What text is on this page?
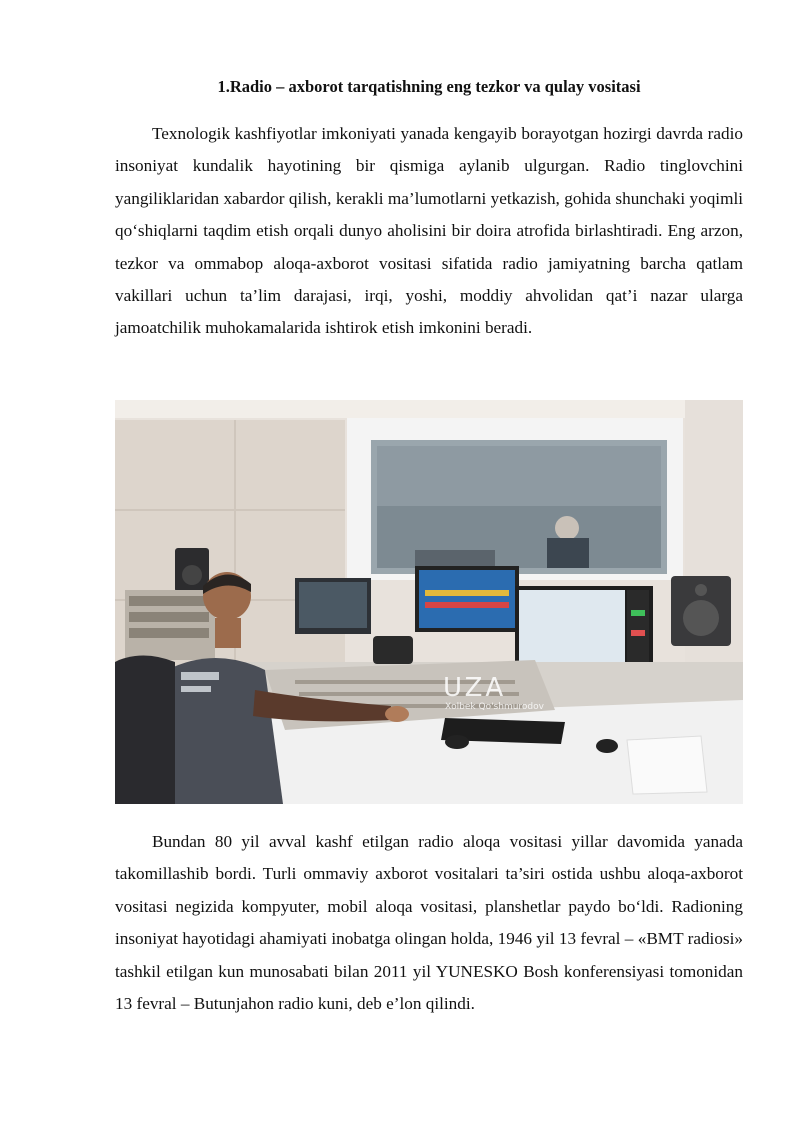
1.Radio – axborot tarqatishning eng tezkor va qulay vositasi

Texnologik kashfiyotlar imkoniyati yanada kengayib borayotgan hozirgi davrda radio insoniyat kundalik hayotining bir qismiga aylanib ulgurgan. Radio tinglovchini yangiliklaridan xabardor qilish, kerakli ma’lumotlarni yetkazish, gohida shunchaki yoqimli qo‘shiqlarni taqdim etish orqali dunyo aholisini bir doira atrofida birlashtiradi. Eng arzon, tezkor va ommabop aloqa-axborot vositasi sifatida radio jamiyatning barcha qatlam vakillari uchun ta’lim darajasi, irqi, yoshi, moddiy ahvolidan qat’i nazar ularga jamoatchilik muhokamalarida ishtirok etish imkonini beradi.

UZA
Xolbek Qo'shmurodov

Bundan 80 yil avval kashf etilgan radio aloqa vositasi yillar davomida yanada takomillashib bordi. Turli ommaviy axborot vositalari ta’siri ostida ushbu aloqa-axborot vositasi negizida kompyuter, mobil aloqa vositasi, planshetlar paydo bo‘ldi. Radioning insoniyat hayotidagi ahamiyati inobatga olingan holda, 1946 yil 13 fevral – «BMT radiosi» tashkil etilgan kun munosabati bilan 2011 yil YUNESKO Bosh konferensiyasi tomonidan 13 fevral – Butunjahon radio kuni, deb e’lon qilindi.
